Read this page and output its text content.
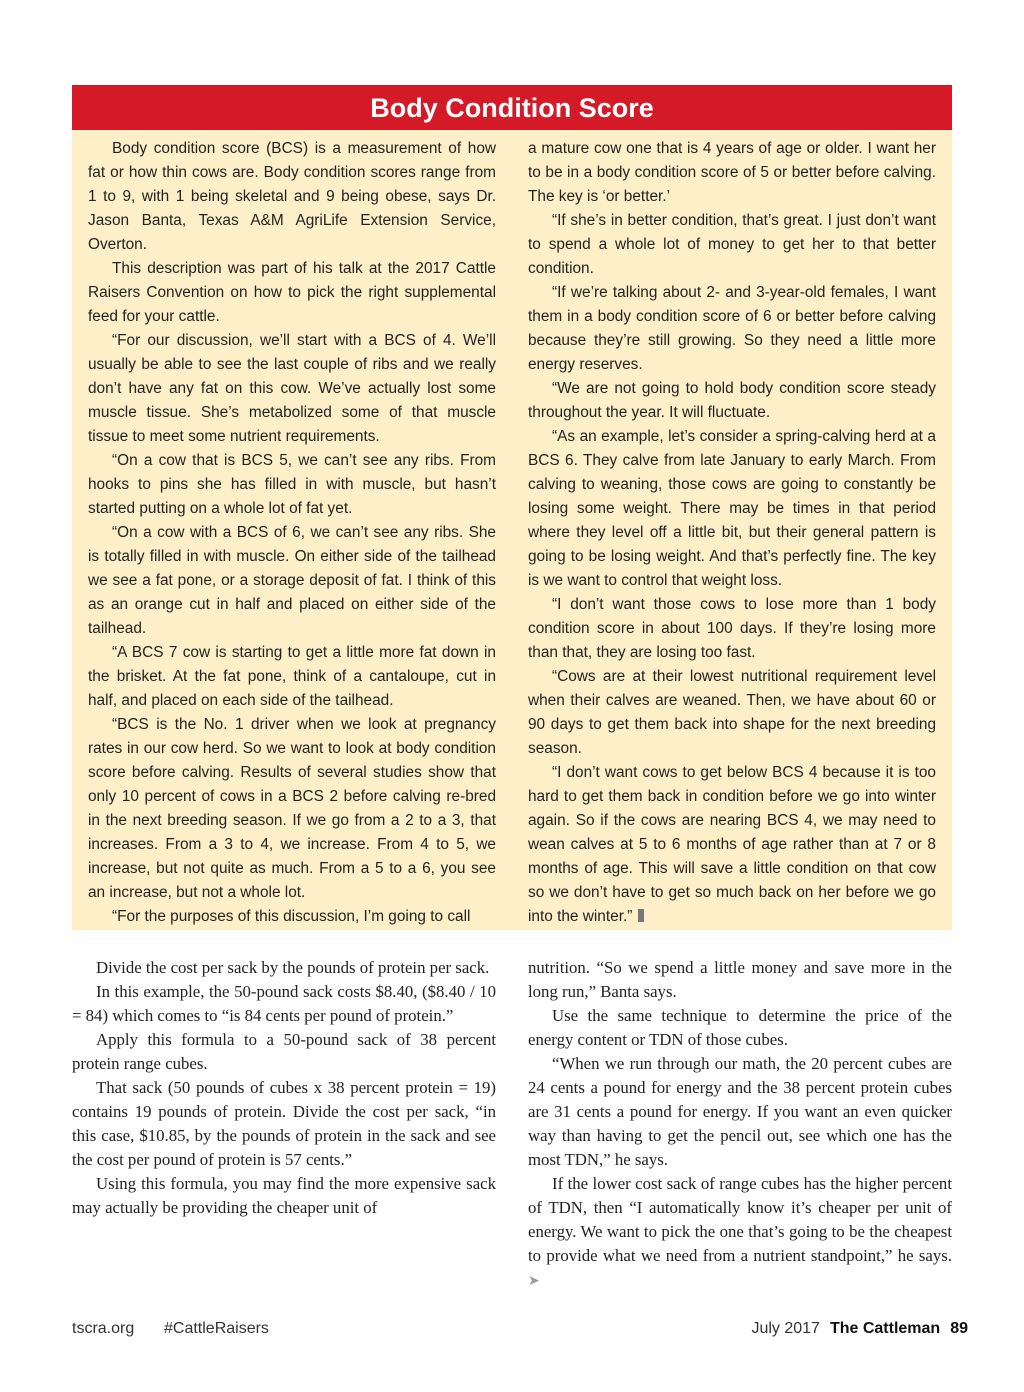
Body Condition Score

Body condition score (BCS) is a measurement of how fat or how thin cows are. Body condition scores range from 1 to 9, with 1 being skeletal and 9 being obese, says Dr. Jason Banta, Texas A&M AgriLife Extension Service, Overton.

This description was part of his talk at the 2017 Cattle Raisers Convention on how to pick the right supplemental feed for your cattle.

“For our discussion, we’ll start with a BCS of 4. We’ll usually be able to see the last couple of ribs and we really don’t have any fat on this cow. We’ve actually lost some muscle tissue. She’s metabolized some of that muscle tissue to meet some nutrient requirements.

“On a cow that is BCS 5, we can’t see any ribs. From hooks to pins she has filled in with muscle, but hasn’t started putting on a whole lot of fat yet.

“On a cow with a BCS of 6, we can’t see any ribs. She is totally filled in with muscle. On either side of the tailhead we see a fat pone, or a storage deposit of fat. I think of this as an orange cut in half and placed on either side of the tailhead.

“A BCS 7 cow is starting to get a little more fat down in the brisket. At the fat pone, think of a cantaloupe, cut in half, and placed on each side of the tailhead.

“BCS is the No. 1 driver when we look at pregnancy rates in our cow herd. So we want to look at body condition score before calving. Results of several studies show that only 10 percent of cows in a BCS 2 before calving re-bred in the next breeding season. If we go from a 2 to a 3, that increases. From a 3 to 4, we increase. From 4 to 5, we increase, but not quite as much. From a 5 to a 6, you see an increase, but not a whole lot.

“For the purposes of this discussion, I’m going to call

a mature cow one that is 4 years of age or older. I want her to be in a body condition score of 5 or better before calving. The key is ‘or better.’

“If she’s in better condition, that’s great. I just don’t want to spend a whole lot of money to get her to that better condition.

“If we’re talking about 2- and 3-year-old females, I want them in a body condition score of 6 or better before calving because they’re still growing. So they need a little more energy reserves.

“We are not going to hold body condition score steady throughout the year. It will fluctuate.

“As an example, let’s consider a spring-calving herd at a BCS 6. They calve from late January to early March. From calving to weaning, those cows are going to constantly be losing some weight. There may be times in that period where they level off a little bit, but their general pattern is going to be losing weight. And that’s perfectly fine. The key is we want to control that weight loss.

“I don’t want those cows to lose more than 1 body condition score in about 100 days. If they’re losing more than that, they are losing too fast.

“Cows are at their lowest nutritional requirement level when their calves are weaned. Then, we have about 60 or 90 days to get them back into shape for the next breeding season.

“I don’t want cows to get below BCS 4 because it is too hard to get them back in condition before we go into winter again. So if the cows are nearing BCS 4, we may need to wean calves at 5 to 6 months of age rather than at 7 or 8 months of age. This will save a little condition on that cow so we don’t have to get so much back on her before we go into the winter.”

Divide the cost per sack by the pounds of protein per sack.

In this example, the 50-pound sack costs $8.40, ($8.40 / 10 = 84) which comes to “is 84 cents per pound of protein.”

Apply this formula to a 50-pound sack of 38 percent protein range cubes.

That sack (50 pounds of cubes x 38 percent protein = 19) contains 19 pounds of protein. Divide the cost per sack, “in this case, $10.85, by the pounds of protein in the sack and see the cost per pound of protein is 57 cents.”

Using this formula, you may find the more expensive sack may actually be providing the cheaper unit of

nutrition. “So we spend a little money and save more in the long run,” Banta says.

Use the same technique to determine the price of the energy content or TDN of those cubes.

“When we run through our math, the 20 percent cubes are 24 cents a pound for energy and the 38 percent protein cubes are 31 cents a pound for energy. If you want an even quicker way than having to get the pencil out, see which one has the most TDN,” he says.

If the lower cost sack of range cubes has the higher percent of TDN, then “I automatically know it’s cheaper per unit of energy. We want to pick the one that’s going to be the cheapest to provide what we need from a nutrient standpoint,” he says. ➤

tscra.org #CattleRaisers	July 2017 The Cattleman 89
